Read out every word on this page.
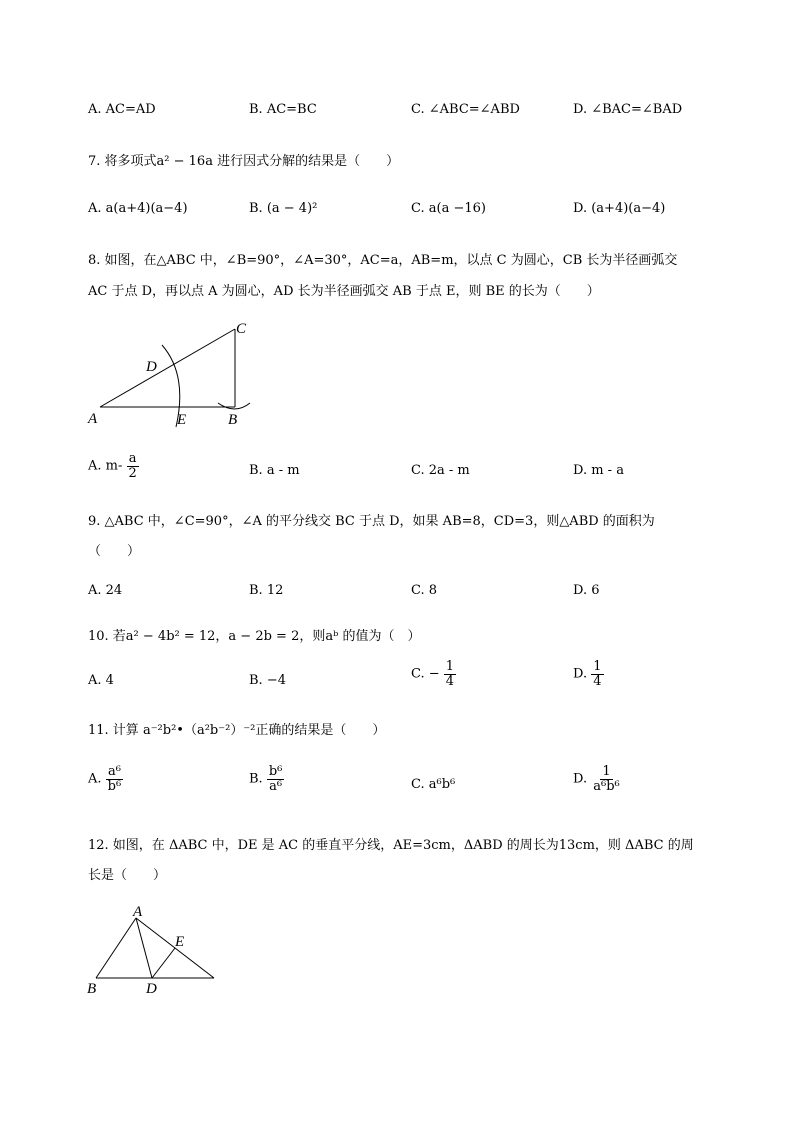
A. AC=AD	B. AC=BC	C. ∠ABC=∠ABD	D. ∠BAC=∠BAD
7. 将多项式a² − 16a 进行因式分解的结果是（　　）
A. a(a+4)(a−4)	B. (a − 4)²	C. a(a −16)	D. (a+4)(a−4)
8. 如图，在△ABC 中，∠B=90°，∠A=30°，AC=a，AB=m，以点 C 为圆心，CB 长为半径画弧交
AC 于点 D，再以点 A 为圆心，AD 长为半径画弧交 AB 于点 E，则 BE 的长为（　　）
C
D
A	E	B
A. $m- \frac{a}{2}$	B. a - m	C. 2a - m	D. m - a
9. △ABC 中，∠C=90°，∠A 的平分线交 BC 于点 D，如果 AB=8，CD=3，则△ABD 的面积为
（　　）
A. 24	B. 12	C. 8	D. 6
10. 若a² − 4b² = 12，a − 2b = 2，则aᵇ 的值为（　）
A. 4	B. −4	C. − $\frac{1}{4}$	D. $\frac{1}{4}$
11. 计算 a⁻²b²•（a²b⁻²）⁻²正确的结果是（　　）
A. $\frac{\text{a⁶}}{\text{b⁶}}$	B. $\frac{\text{b⁶}}{\text{a⁶}}$	C. a⁶b⁶	D. $\frac{1}{\text{a⁶b⁶}}$
12. 如图，在 ΔABC 中，DE 是 AC 的垂直平分线，AE=3cm，ΔABD 的周长为13cm，则 ΔABC 的周
长是（　　）
A
E
B	D
